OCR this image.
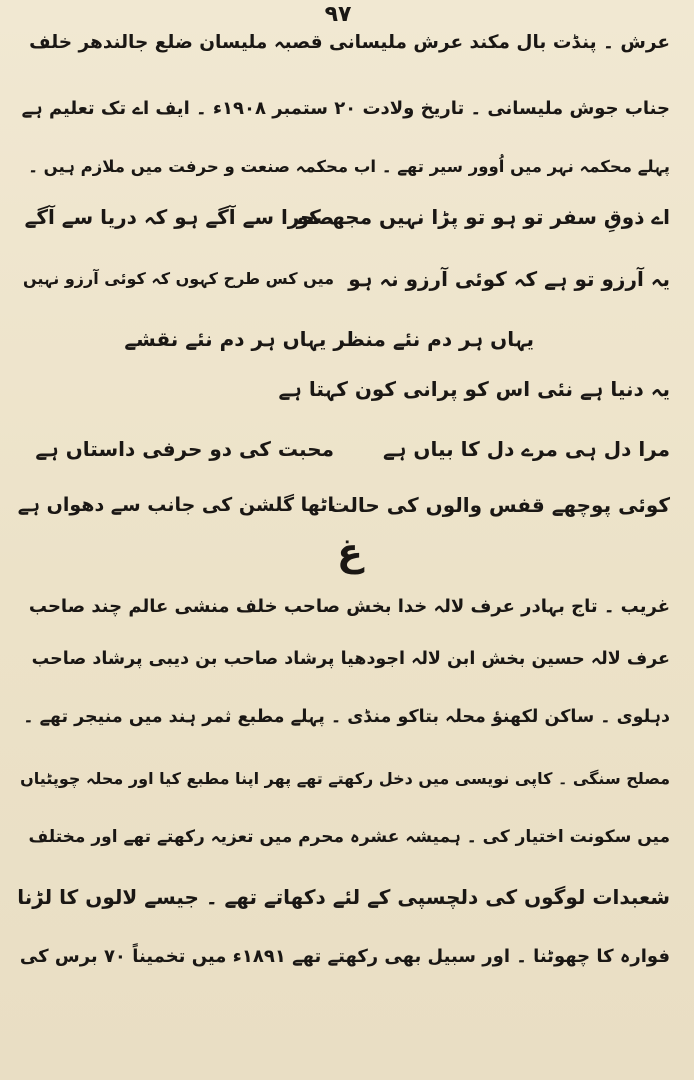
۹۷
عرش ۔ پنڈت بال مکند عرش ملیسانی قصبہ ملیسان ضلع جالندھر خلف
جناب جوش ملیسانی ۔ تاریخ ولادت ۲۰ ستمبر ۱۹۰۸ء ۔ ایف اے تک تعلیم ہے
پہلے محکمہ نہر میں اُوور سیر تھے ۔ اب محکمہ صنعت و حرفت میں ملازم ہیں ۔
اے ذوقِ سفر تو ہو تو پڑا نہیں مجھ کو
صحرا سے آگے ہو کہ دریا سے آگے
یہ آرزو تو ہے کہ کوئی آرزو نہ ہو
میں کس طرح کہوں کہ کوئی آرزو نہیں
یہاں ہر دم نئے منظر یہاں ہر دم نئے نقشے
یہ دنیا ہے نئی اس کو پرانی کون کہتا ہے
مرا دل ہی مرے دل کا بیاں ہے
محبت کی دو حرفی داستاں ہے
کوئی پوچھے قفس والوں کی حالت
اٹھا گلشن کی جانب سے دھواں ہے
غ
غریب ۔ تاج بہادر عرف لالہ خدا بخش صاحب خلف منشی عالم چند صاحب
عرف لالہ حسین بخش ابن لالہ اجودھیا پرشاد صاحب بن دیبی پرشاد صاحب
دہلوی ۔ ساکن لکھنؤ محلہ بتاکو منڈی ۔ پہلے مطبع ثمر ہند میں منیجر تھے ۔
مصلح سنگی ۔ کاپی نویسی میں دخل رکھتے تھے پھر اپنا مطبع کیا اور محلہ چوپٹیاں
میں سکونت اختیار کی ۔ ہمیشہ عشرہ محرم میں تعزیہ رکھتے تھے اور مختلف
شعبدات لوگوں کی دلچسپی کے لئے دکھاتے تھے ۔ جیسے لالوں کا لڑنا
فوارہ کا چھوٹنا ۔ اور سبیل بھی رکھتے تھے ۱۸۹۱ء میں تخمیناً ۷۰ برس کی
